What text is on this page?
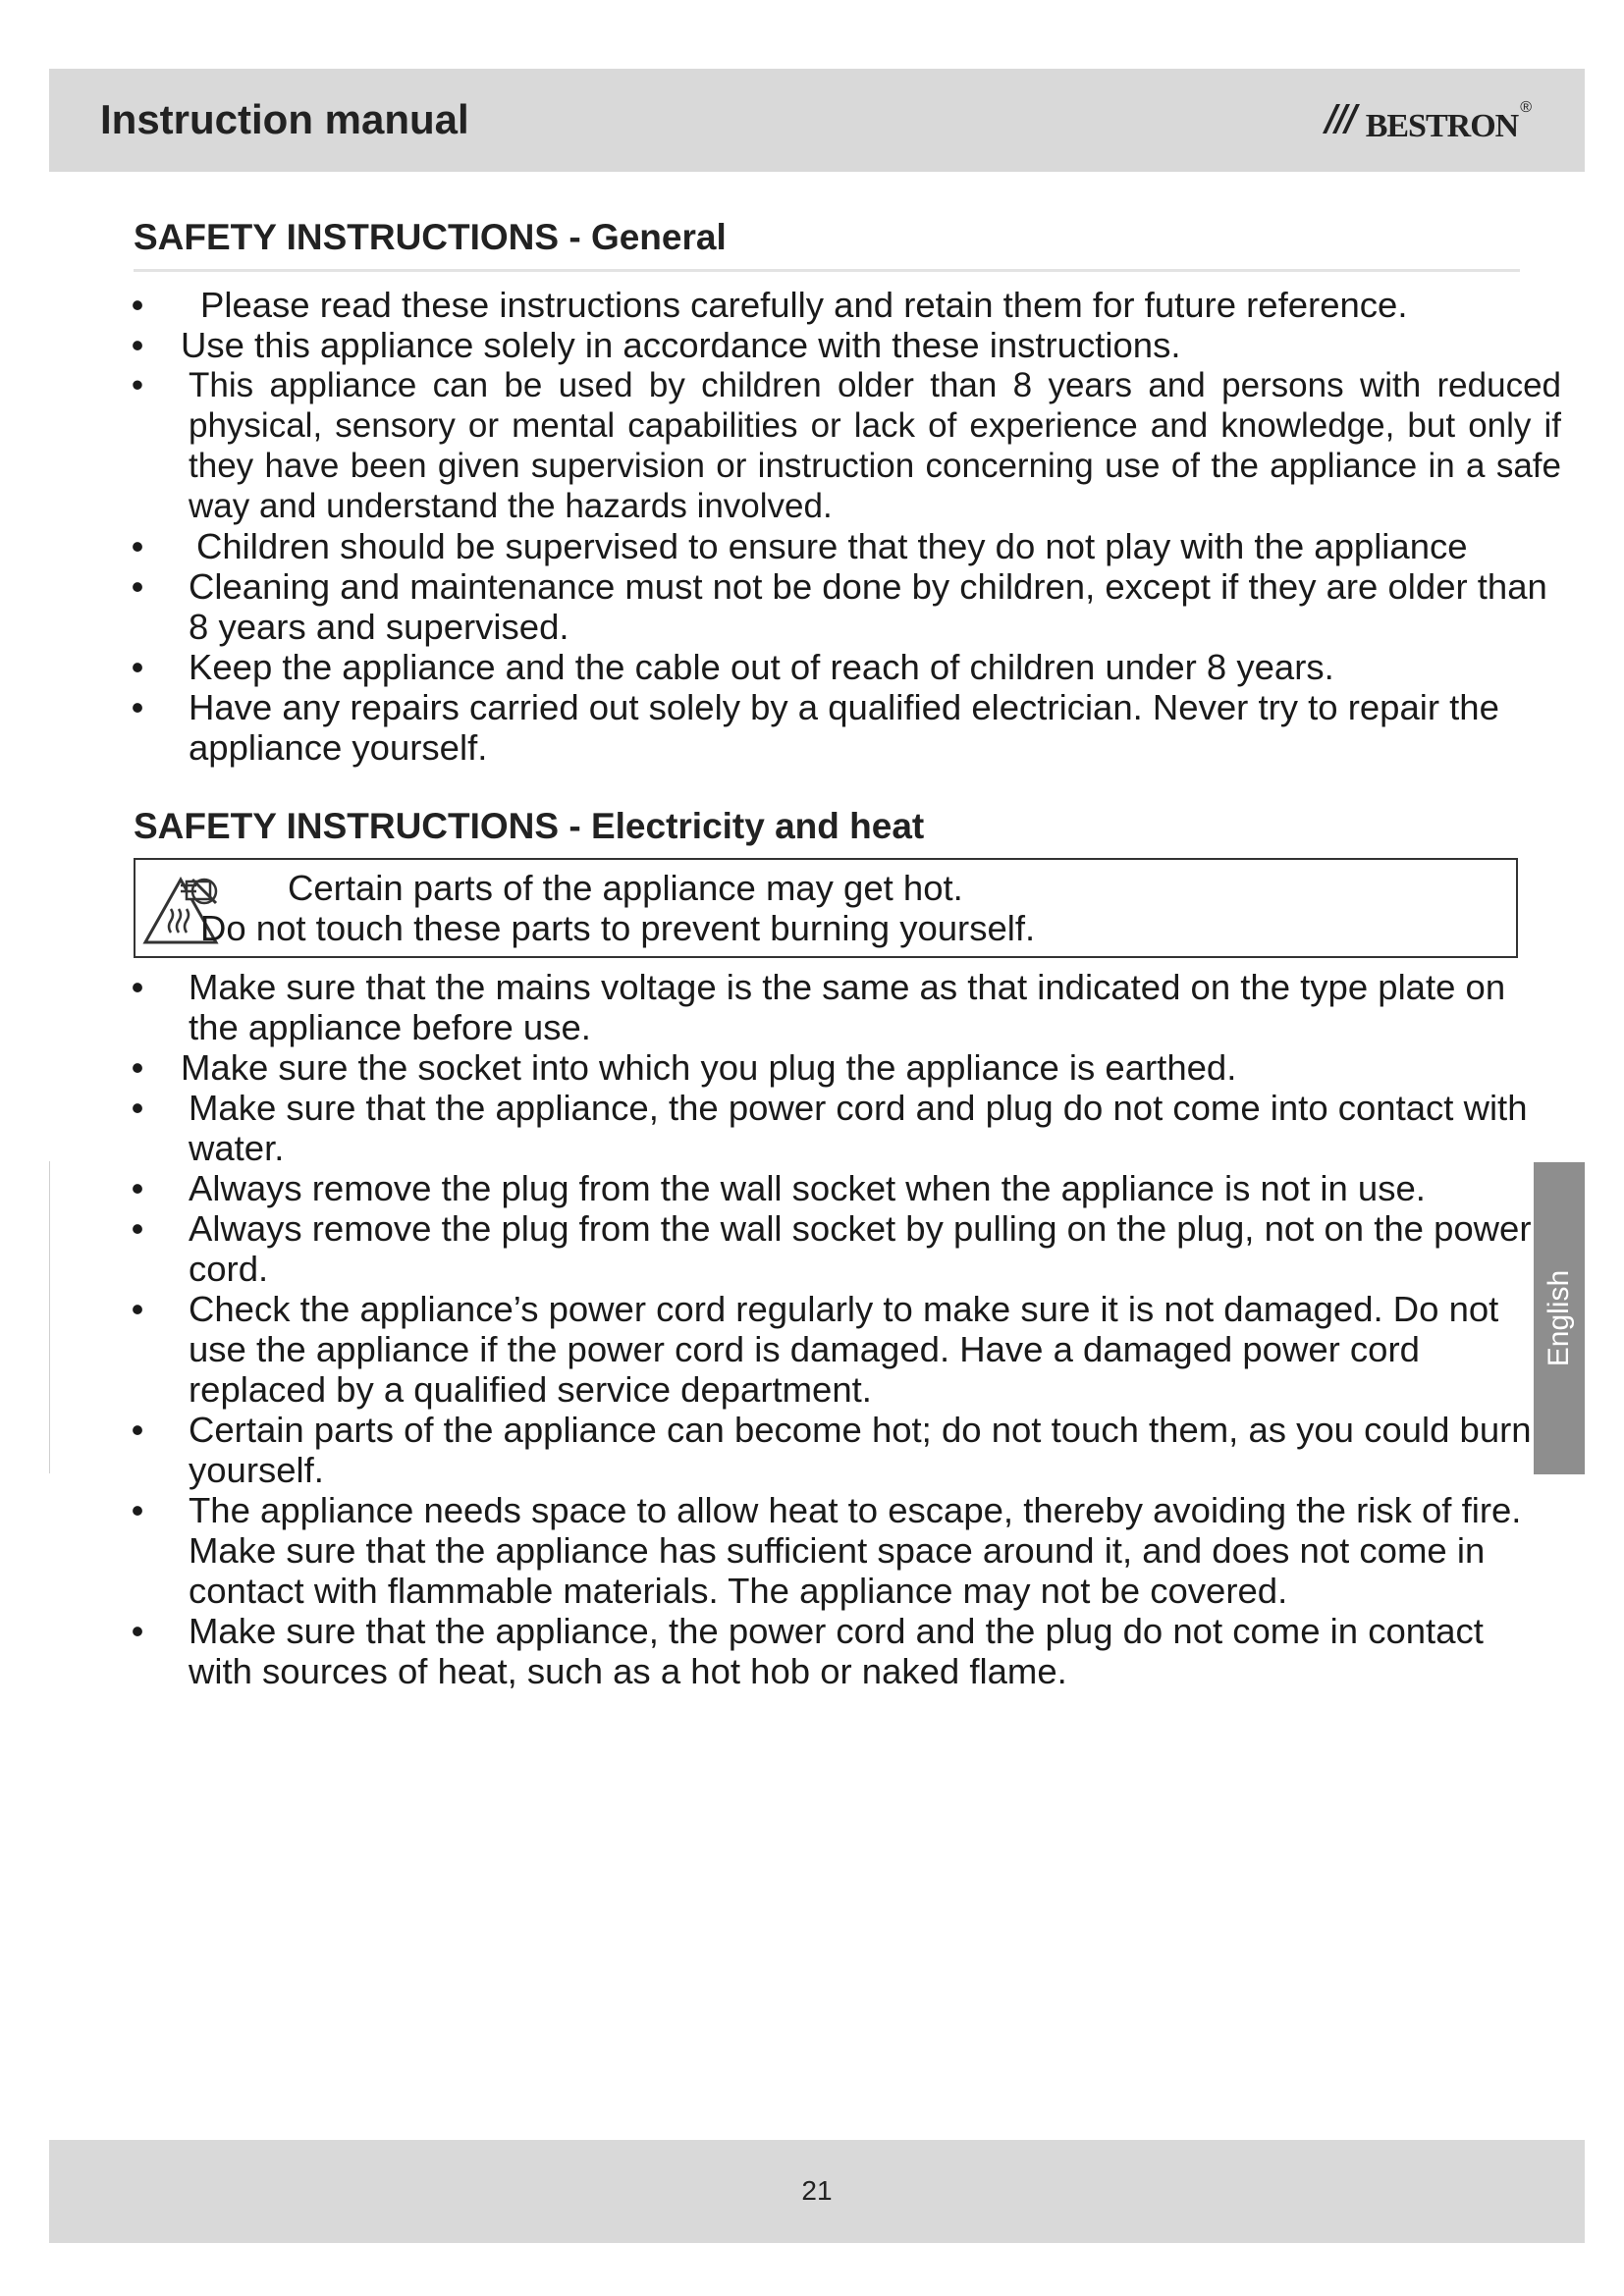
Instruction manual	bestron ®
SAFETY INSTRUCTIONS - General
•	Please read these instructions carefully and retain them for future reference.
• Use this appliance solely in accordance with these instructions.
• This appliance can be used by children older than 8 years and persons with reduced physical, sensory or mental capabilities or lack of experience and knowledge, but only if they have been given supervision or instruction concerning use of the appliance in a safe way and understand the hazards involved.
• Children should be supervised to ensure that they do not play with the appliance
• Cleaning and maintenance must not be done by children, except if they are older than 8 years and supervised.
• Keep the appliance and the cable out of reach of children under 8 years.
• Have any repairs carried out solely by a qualified electrician. Never try to repair the appliance yourself.
SAFETY INSTRUCTIONS - Electricity and heat
Certain parts of the appliance may get hot.
Do not touch these parts to prevent burning yourself.
• Make sure that the mains voltage is the same as that indicated on the type plate on the appliance before use.
• Make sure the socket into which you plug the appliance is earthed.
• Make sure that the appliance, the power cord and plug do not come into contact with water.
• Always remove the plug from the wall socket when the appliance is not in use.
• Always remove the plug from the wall socket by pulling on the plug, not on the power cord.
• Check the appliance’s power cord regularly to make sure it is not damaged. Do not use the appliance if the power cord is damaged. Have a damaged power cord replaced by a qualified service department.
• Certain parts of the appliance can become hot; do not touch them, as you could burn yourself.
• The appliance needs space to allow heat to escape, thereby avoiding the risk of fire. Make sure that the appliance has sufficient space around it, and does not come in contact with flammable materials. The appliance may not be covered.
• Make sure that the appliance, the power cord and the plug do not come in contact with sources of heat, such as a hot hob or naked flame.
English
21
